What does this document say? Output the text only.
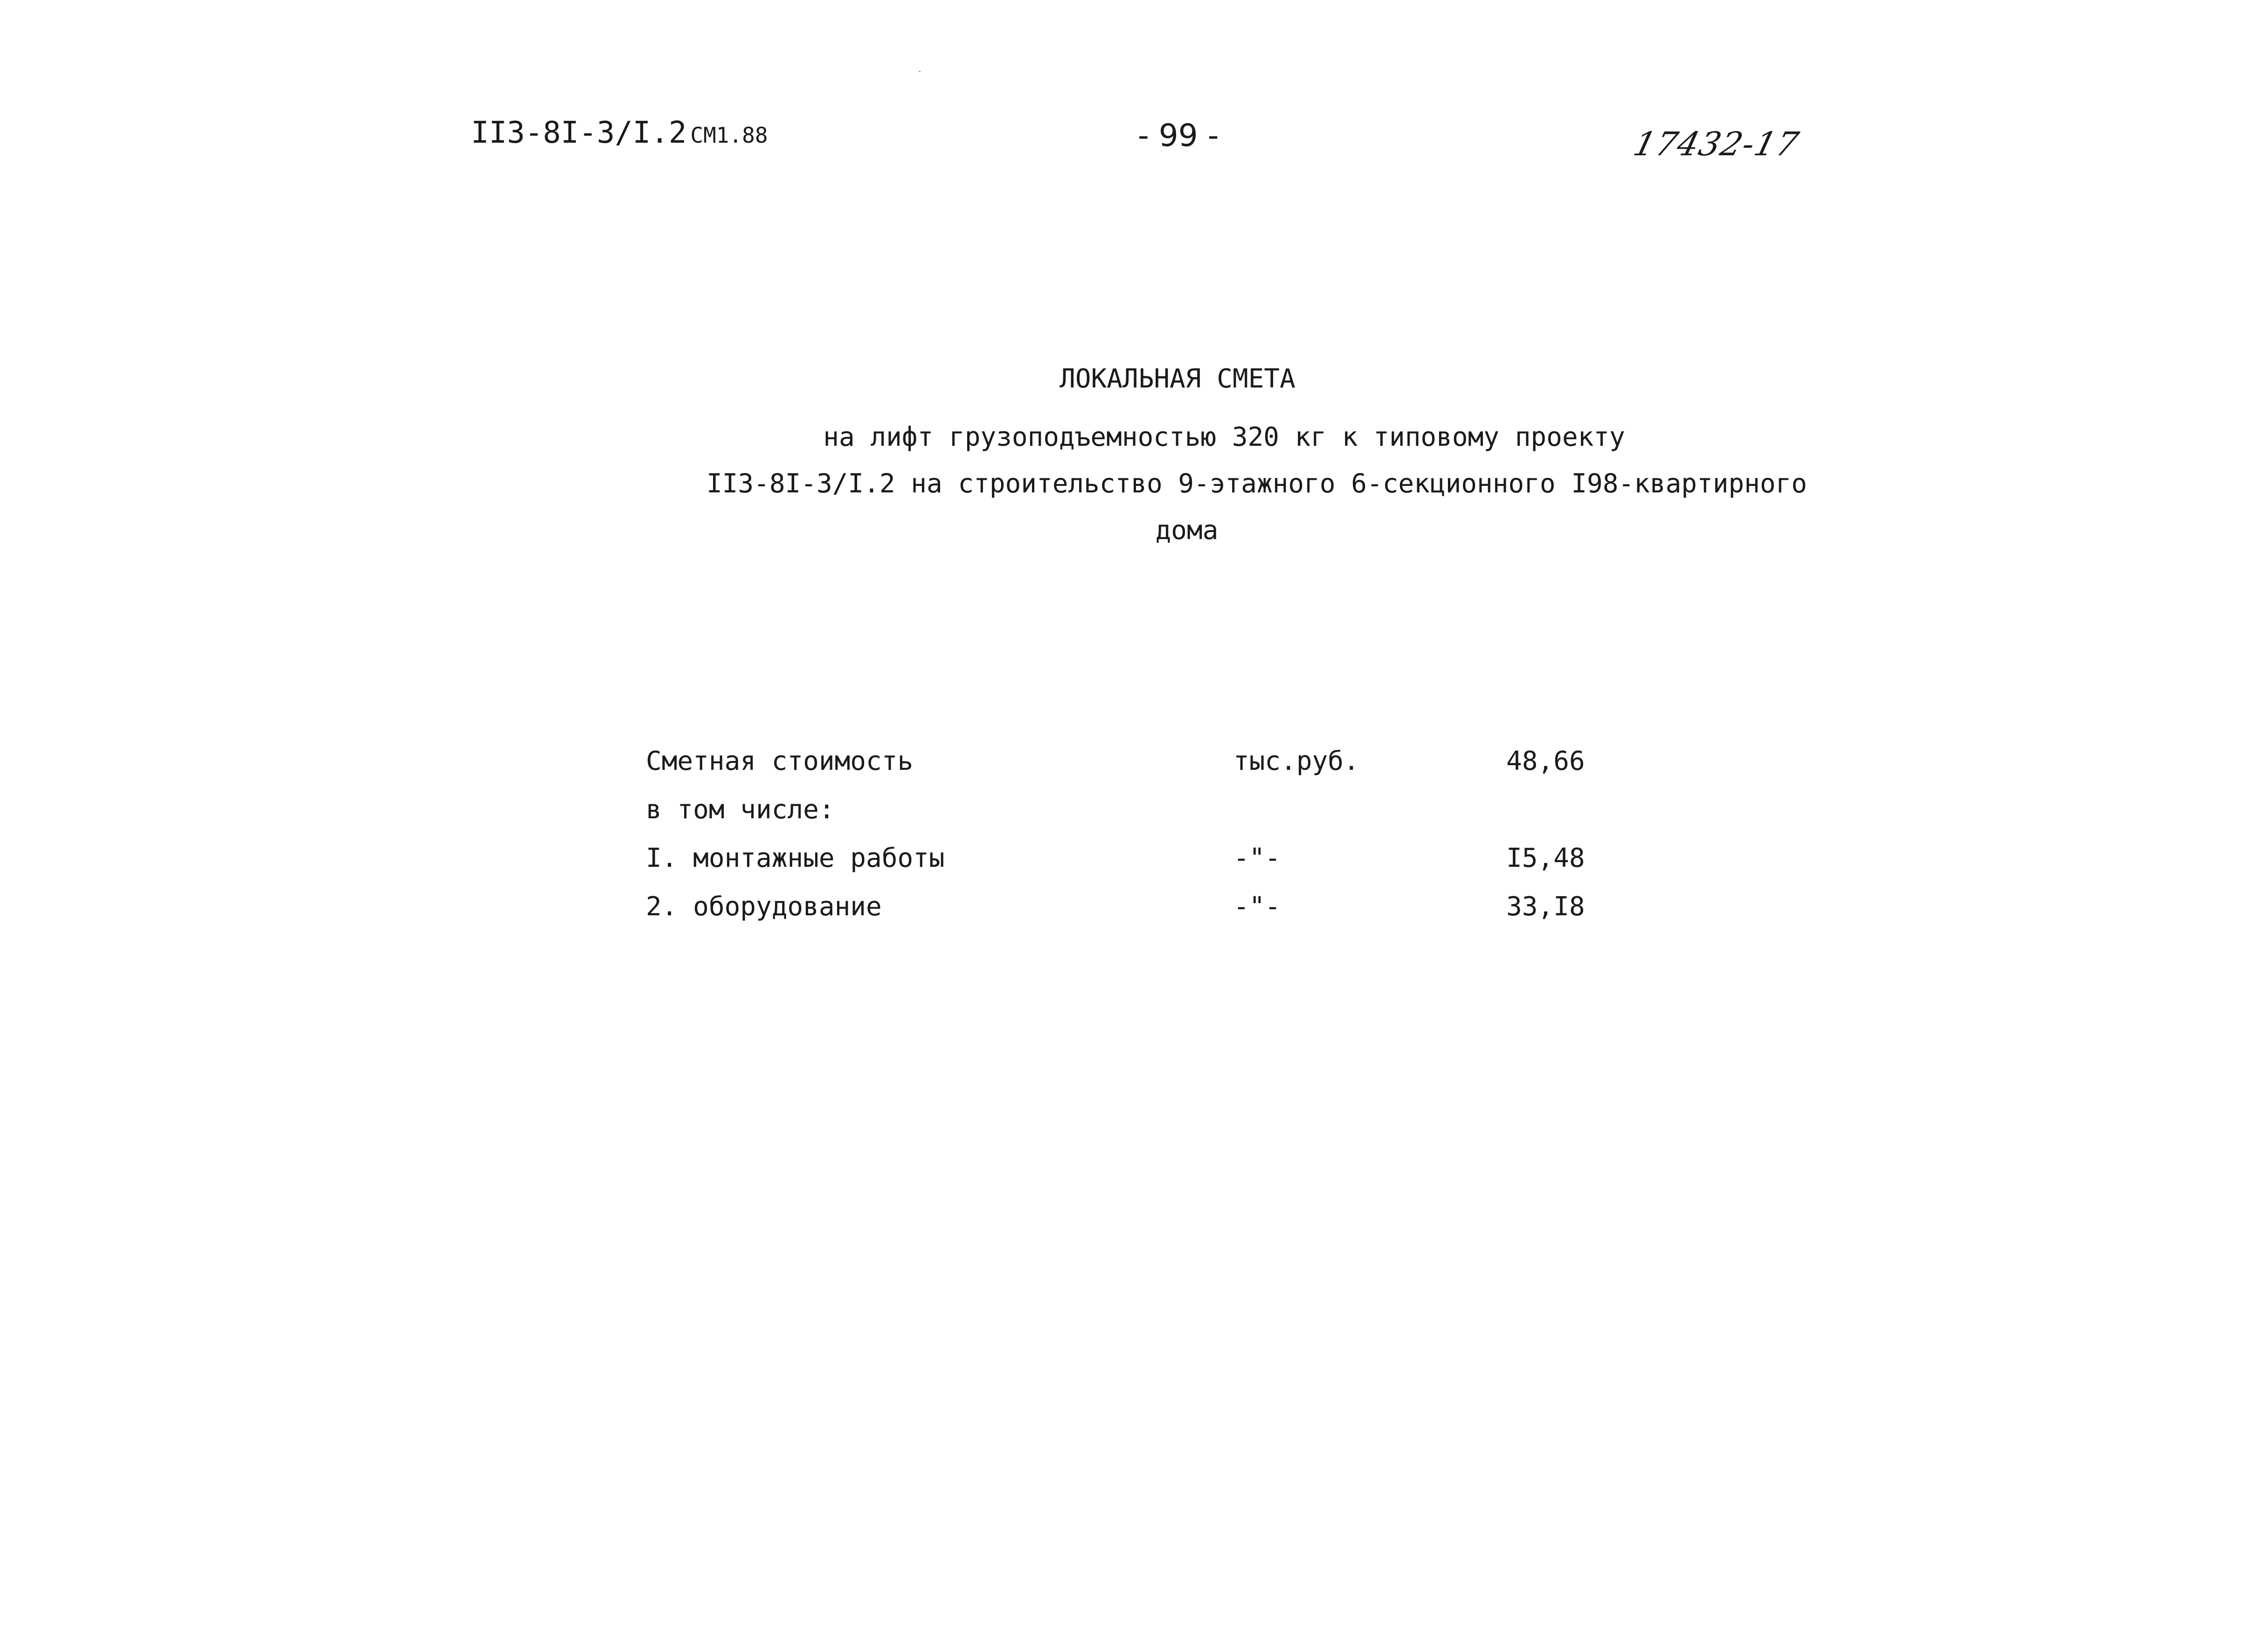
II3-8I-3/I.2 CM1.88	- 99 -	17432-17
ЛОКАЛЬНАЯ СМЕТА
на лифт грузоподъемностью 320 кг к типовому проекту
II3-8I-3/I.2 на строительство 9-этажного 6-секционного I98-квартирного
дома
Сметная стоимость	тыс.руб.	48,66
в том числе:
I. монтажные работы	-"-	I5,48
2. оборудование	-"-	33,I8
